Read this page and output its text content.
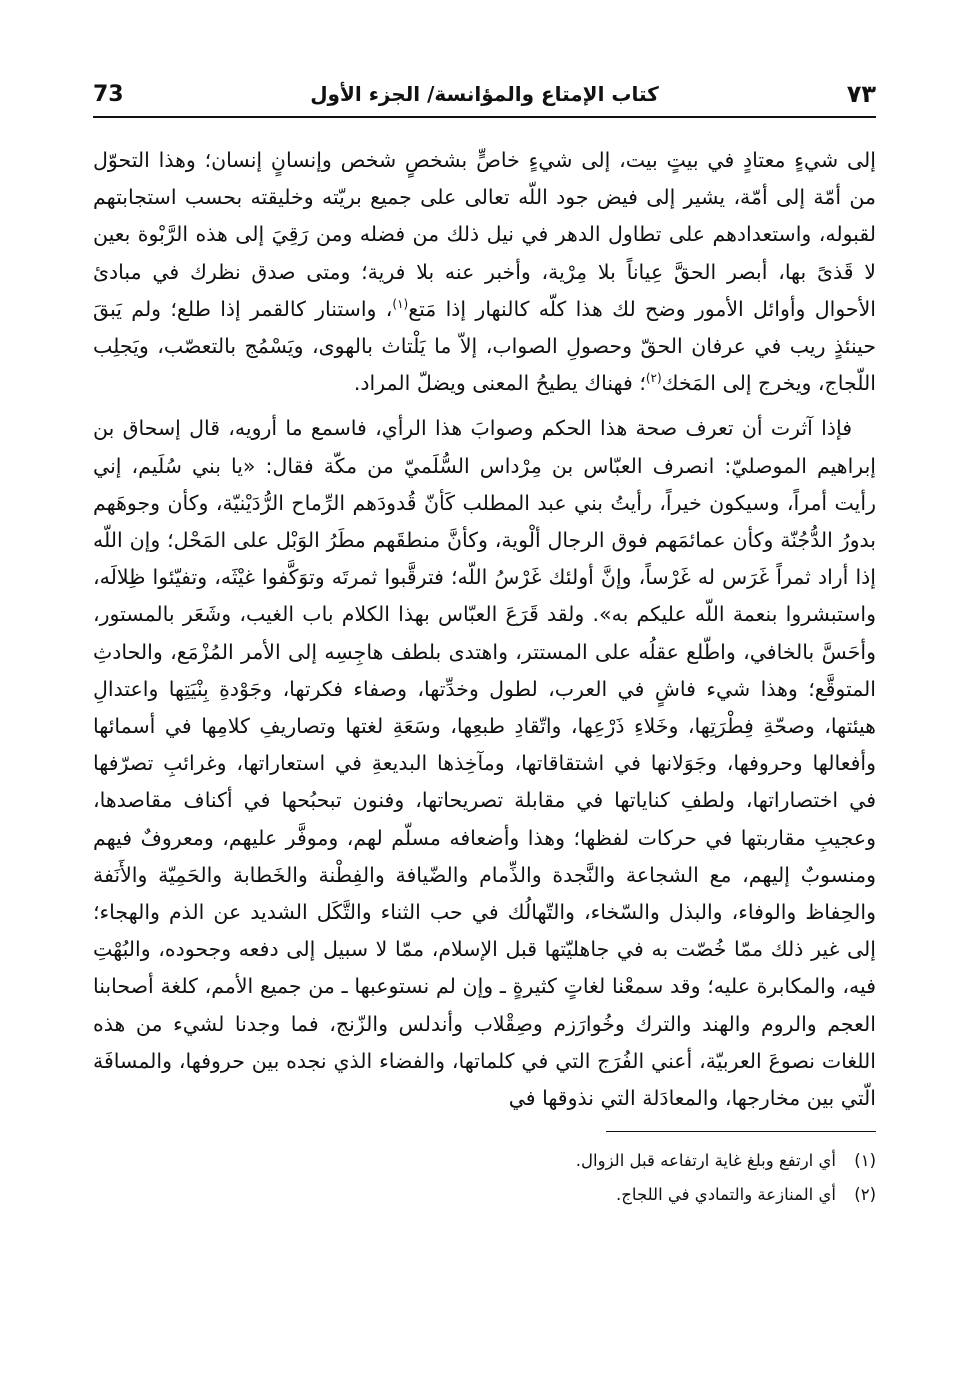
73	كتاب الإمتاع والمؤانسة/ الجزء الأول	٧٣

إلى شيءٍ معتادٍ في بيتٍ بيت، إلى شيءٍ خاصٍّ بشخصٍ شخص وإنسانٍ إنسان؛ وهذا التحوّل من أمّة إلى أمّة، يشير إلى فيض جود اللّه تعالى على جميع بريّته وخليقته بحسب استجابتهم لقبوله، واستعدادهم على تطاول الدهر في نيل ذلك من فضله ومن رَقِيَ إلى هذه الرَّبْوة بعين لا قَذىً بها، أبصر الحقَّ عِياناً بلا مِرْية، وأخبر عنه بلا فرية؛ ومتى صدق نظرك في مبادئ الأحوال وأوائل الأمور وضح لك هذا كلّه كالنهار إذا مَتع$^{(١)}$، واستنار كالقمر إذا طلع؛ ولم يَبقَ حينئذٍ ريب في عرفان الحقّ وحصولِ الصواب، إلاّ ما يَلْتاث بالهوى، ويَسْمُج بالتعصّب، ويَجلِب اللّجاج، ويخرج إلى المَخك$^{(٢)}$؛ فهناك يطيحُ المعنى ويضلّ المراد.

فإذا آثرت أن تعرف صحة هذا الحكم وصوابَ هذا الرأي، فاسمع ما أرويه، قال إسحاق بن إبراهيم الموصليّ: انصرف العبّاس بن مِرْداس السُّلَميّ من مكّة فقال: «يا بني سُلَيم، إني رأيت أمراً، وسيكون خيراً، رأيتُ بني عبد المطلب كَأنّ قُدودَهم الرِّماح الرُّدَيْنيّة، وكأن وجوهَهم بدورُ الدُّجُنّة وكأن عمائمَهم فوق الرجال ألْوية، وكأنَّ منطقَهم مطَرُ الوَبْل على المَحْل؛ وإن اللّه إذا أراد ثمراً غَرَس له غَرْساً، وإنَّ أولئك غَرْسُ اللّه؛ فترقَّبوا ثمرتَه وتوَكَّفوا غيْثَه، وتفيّئوا ظِلالَه، واستبشروا بنعمة اللّه عليكم به». ولقد قَرَعَ العبّاس بهذا الكلام باب الغيب، وشَعَر بالمستور، وأحَسَّ بالخافي، واطّلع عقلُه على المستتر، واهتدى بلطف هاجِسِه إلى الأمر المُزْمَع، والحادثِ المتوقَّع؛ وهذا شيء فاشٍ في العرب، لطول وخدِّتها، وصفاء فكرتها، وجَوْدةِ بِنْيَتِها واعتدالِ هيئتها، وصحّةِ فِطْرَتِها، وخَلاءِ ذَرْعِها، واتّقادِ طبعِها، وسَعَةِ لغتها وتصاريفِ كلامِها في أسمائها وأفعالها وحروفها، وجَوَلانها في اشتقاقاتها، ومآخِذها البديعةِ في استعاراتها، وغرائبِ تصرّفها في اختصاراتها، ولطفِ كناياتها في مقابلة تصريحاتها، وفنون تبحبُحها في أكناف مقاصدها، وعجيبِ مقاربتها في حركات لفظها؛ وهذا وأضعافه مسلّم لهم، وموفَّر عليهم، ومعروفٌ فيهم ومنسوبٌ إليهم، مع الشجاعة والنَّجدة والذِّمام والضّيافة والفِطْنة والخَطابة والحَمِيّة والأَنَفة والحِفاظ والوفاء، والبذل والسّخاء، والتّهالُك في حب الثناء والتَّكَل الشديد عن الذم والهجاء؛ إلى غير ذلك ممّا خُصّت به في جاهليّتها قبل الإسلام، ممّا لا سبيل إلى دفعه وجحوده، والبُهْتِ فيه، والمكابرة عليه؛ وقد سمعْنا لغاتٍ كثيرةٍ ـ وإن لم نستوعبها ـ من جميع الأمم، كلغة أصحابنا العجم والروم والهند والترك وخُوارَزم وصِقْلاب وأندلس والزّنج، فما وجدنا لشيء من هذه اللغات نصوعَ العربيّة، أعني الفُرَج التي في كلماتها، والفضاء الذي نجده بين حروفها، والمسافَة الّتي بين مخارجها، والمعادَلة التي نذوقها في

(١)
أي ارتفع وبلغ غاية ارتفاعه قبل الزوال.
(٢)
أي المنازعة والتمادي في اللجاج.
